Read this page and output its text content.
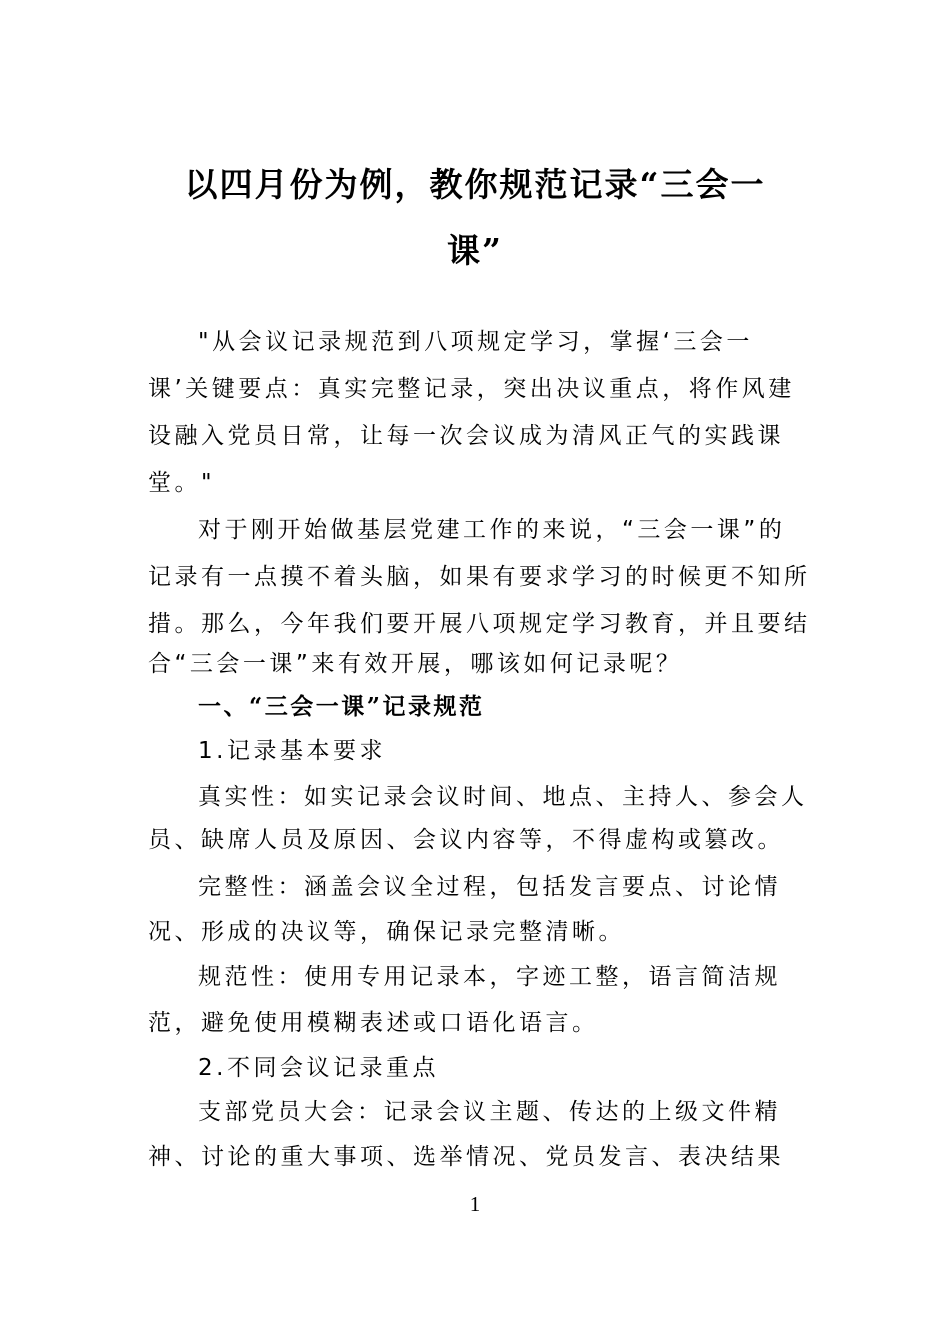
以四月份为例，教你规范记录“三会一
课”

"从会议记录规范到八项规定学习，掌握‘三会一

课’关键要点：真实完整记录，突出决议重点，将作风建

设融入党员日常，让每一次会议成为清风正气的实践课

堂。"

对于刚开始做基层党建工作的来说，“三会一课”的

记录有一点摸不着头脑，如果有要求学习的时候更不知所

措。那么，今年我们要开展八项规定学习教育，并且要结

合“三会一课”来有效开展，哪该如何记录呢？

一、“三会一课”记录规范

1.记录基本要求

真实性：如实记录会议时间、地点、主持人、参会人

员、缺席人员及原因、会议内容等，不得虚构或篡改。

完整性：涵盖会议全过程，包括发言要点、讨论情

况、形成的决议等，确保记录完整清晰。

规范性：使用专用记录本，字迹工整，语言简洁规

范，避免使用模糊表述或口语化语言。

2.不同会议记录重点

支部党员大会：记录会议主题、传达的上级文件精

神、讨论的重大事项、选举情况、党员发言、表决结果

1
